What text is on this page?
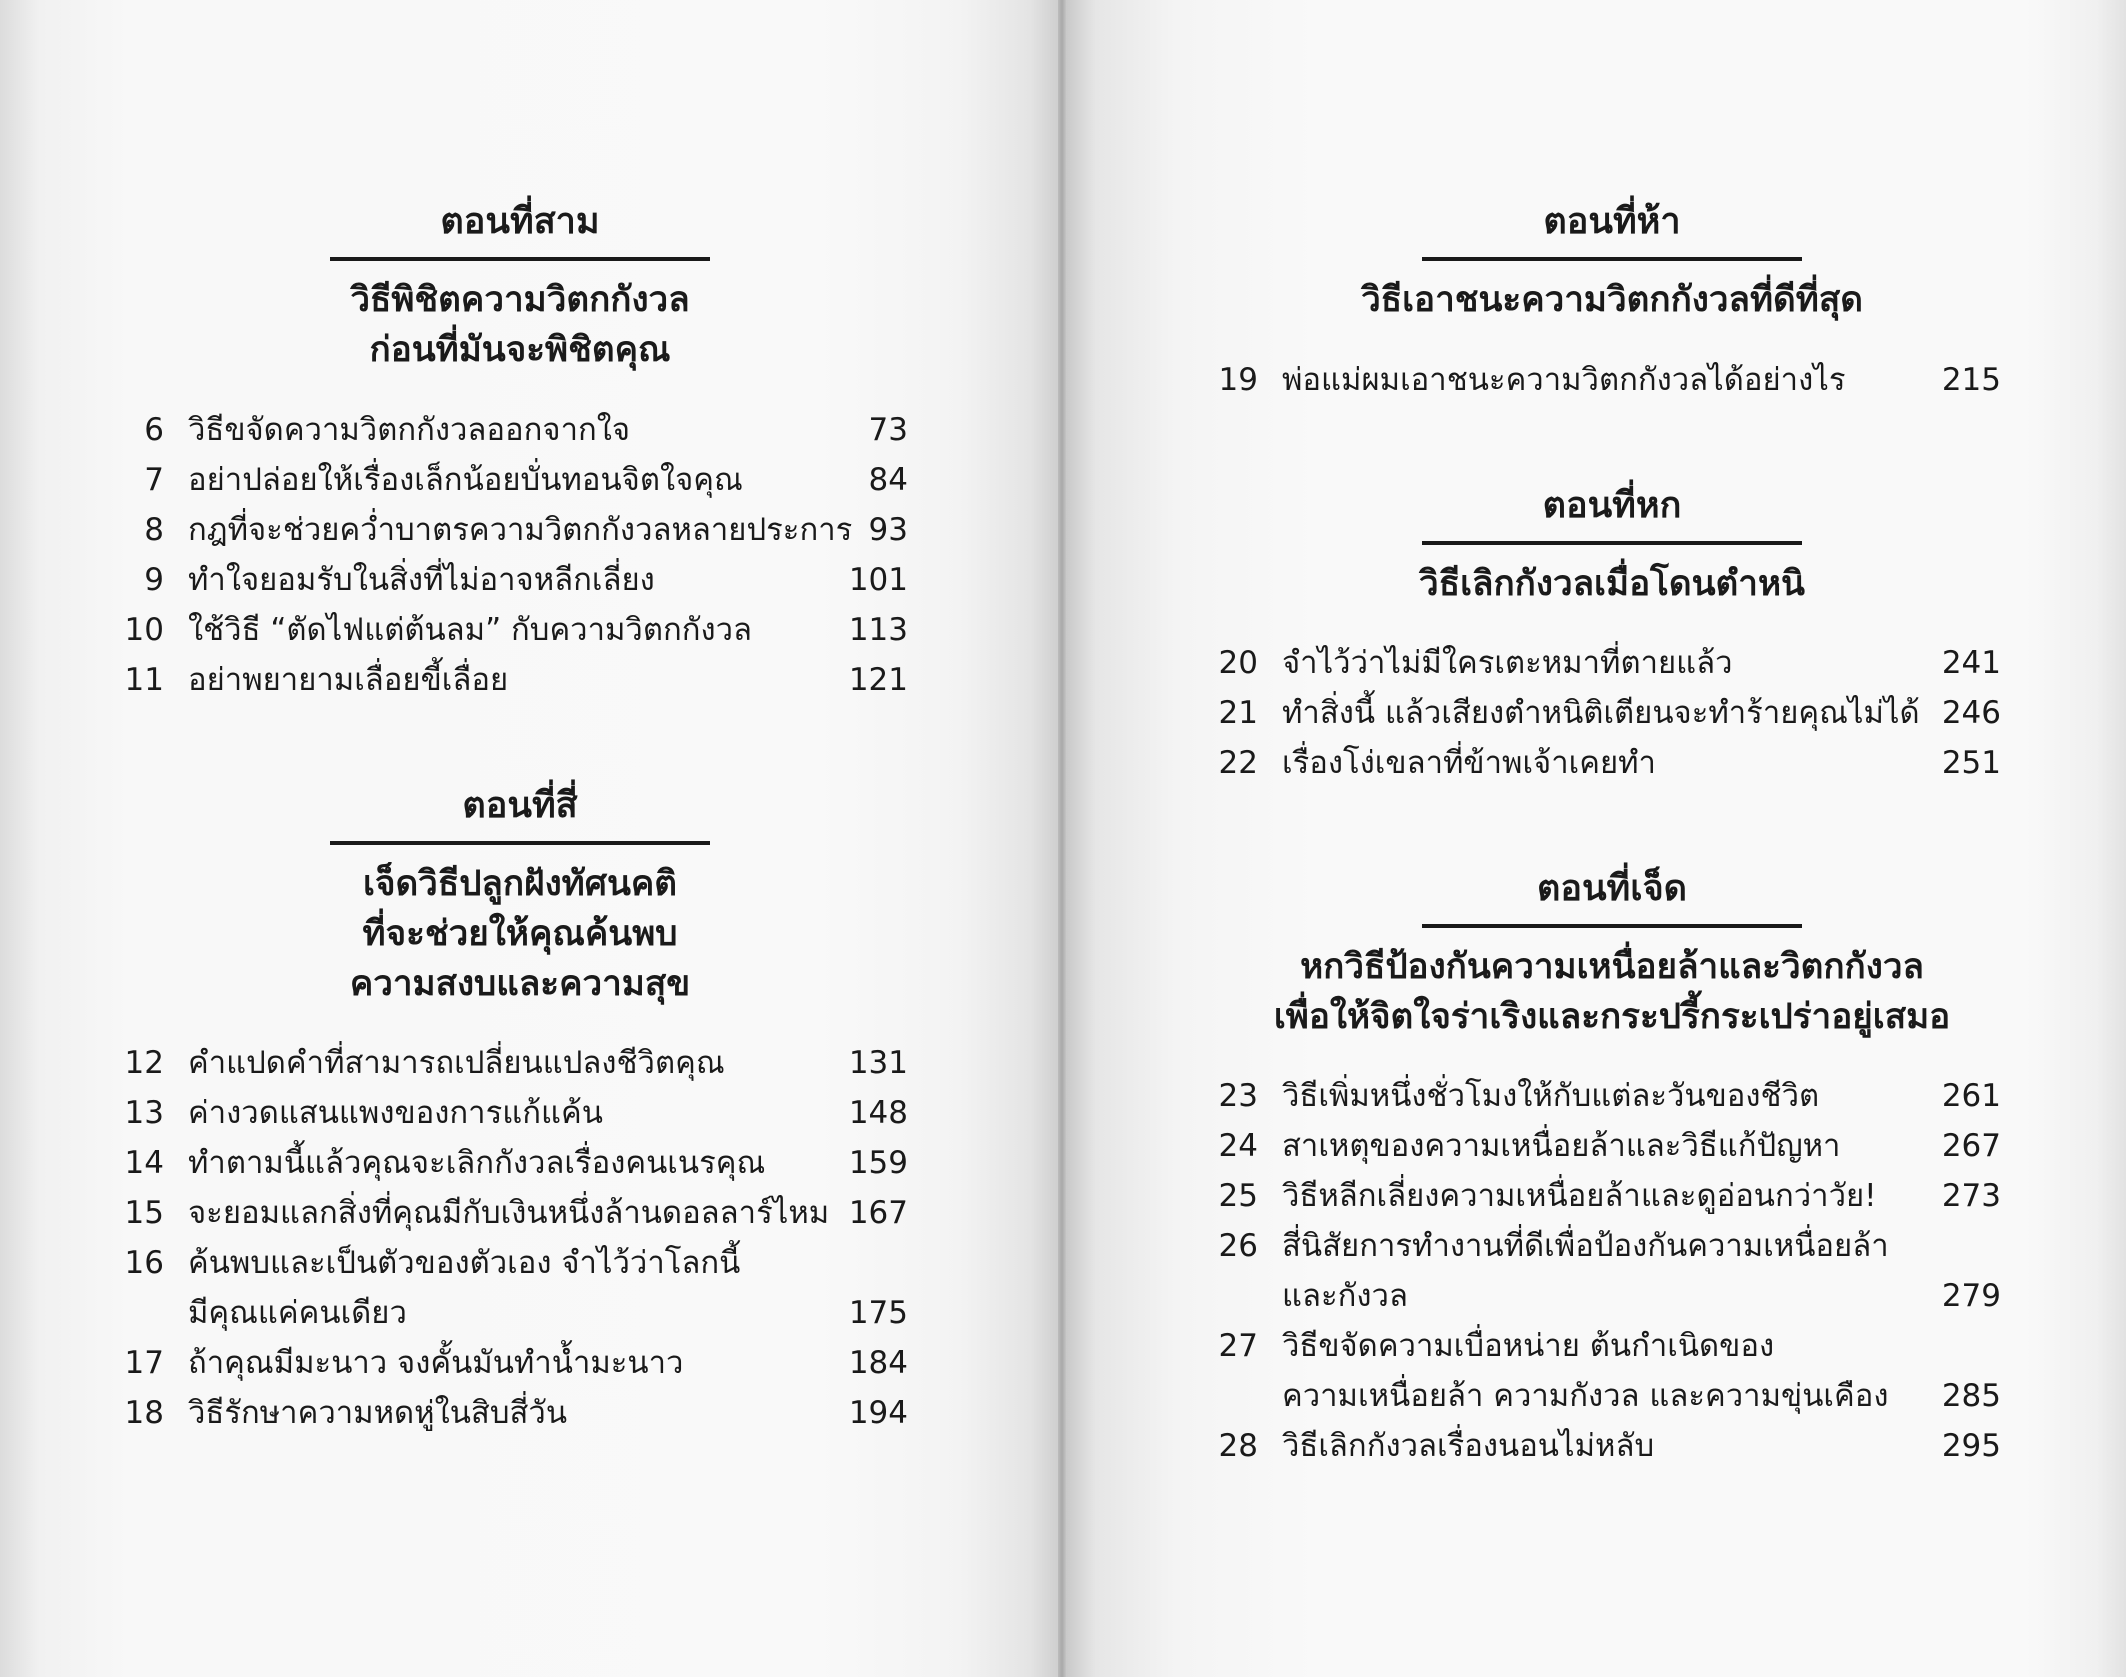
ตอนที่สาม
วิธีพิชิตความวิตกกังวล
ก่อนที่มันจะพิชิตคุณ
6 วิธีขจัดความวิตกกังวลออกจากใจ	73
7 อย่าปล่อยให้เรื่องเล็กน้อยบั่นทอนจิตใจคุณ	84
8 กฎที่จะช่วยคว่ำบาตรความวิตกกังวลหลายประการ 93
9 ทำใจยอมรับในสิ่งที่ไม่อาจหลีกเลี่ยง	101
10 ใช้วิธี “ตัดไฟแต่ต้นลม” กับความวิตกกังวล	113
11 อย่าพยายามเลื่อยขี้เลื่อย	121
ตอนที่สี่
เจ็ดวิธีปลูกฝังทัศนคติ
ที่จะช่วยให้คุณค้นพบ
ความสงบและความสุข
12 คำแปดคำที่สามารถเปลี่ยนแปลงชีวิตคุณ	131
13 ค่างวดแสนแพงของการแก้แค้น	148
14 ทำตามนี้แล้วคุณจะเลิกกังวลเรื่องคนเนรคุณ	159
15 จะยอมแลกสิ่งที่คุณมีกับเงินหนึ่งล้านดอลลาร์ไหม 167
16 ค้นพบและเป็นตัวของตัวเอง จำไว้ว่าโลกนี้
มีคุณแค่คนเดียว	175
17 ถ้าคุณมีมะนาว จงคั้นมันทำน้ำมะนาว	184
18 วิธีรักษาความหดหู่ในสิบสี่วัน	194
ตอนที่ห้า
วิธีเอาชนะความวิตกกังวลที่ดีที่สุด
19 พ่อแม่ผมเอาชนะความวิตกกังวลได้อย่างไร	215
ตอนที่หก
วิธีเลิกกังวลเมื่อโดนตำหนิ
20 จำไว้ว่าไม่มีใครเตะหมาที่ตายแล้ว	241
21 ทำสิ่งนี้ แล้วเสียงตำหนิติเตียนจะทำร้ายคุณไม่ได้ 246
22 เรื่องโง่เขลาที่ข้าพเจ้าเคยทำ	251
ตอนที่เจ็ด
หกวิธีป้องกันความเหนื่อยล้าและวิตกกังวล
เพื่อให้จิตใจร่าเริงและกระปรี้กระเปร่าอยู่เสมอ
23 วิธีเพิ่มหนึ่งชั่วโมงให้กับแต่ละวันของชีวิต	261
24 สาเหตุของความเหนื่อยล้าและวิธีแก้ปัญหา	267
25 วิธีหลีกเลี่ยงความเหนื่อยล้าและดูอ่อนกว่าวัย!	273
26 สี่นิสัยการทำงานที่ดีเพื่อป้องกันความเหนื่อยล้า
และกังวล	279
27 วิธีขจัดความเบื่อหน่าย ต้นกำเนิดของ
ความเหนื่อยล้า ความกังวล และความขุ่นเคือง	285
28 วิธีเลิกกังวลเรื่องนอนไม่หลับ	295
